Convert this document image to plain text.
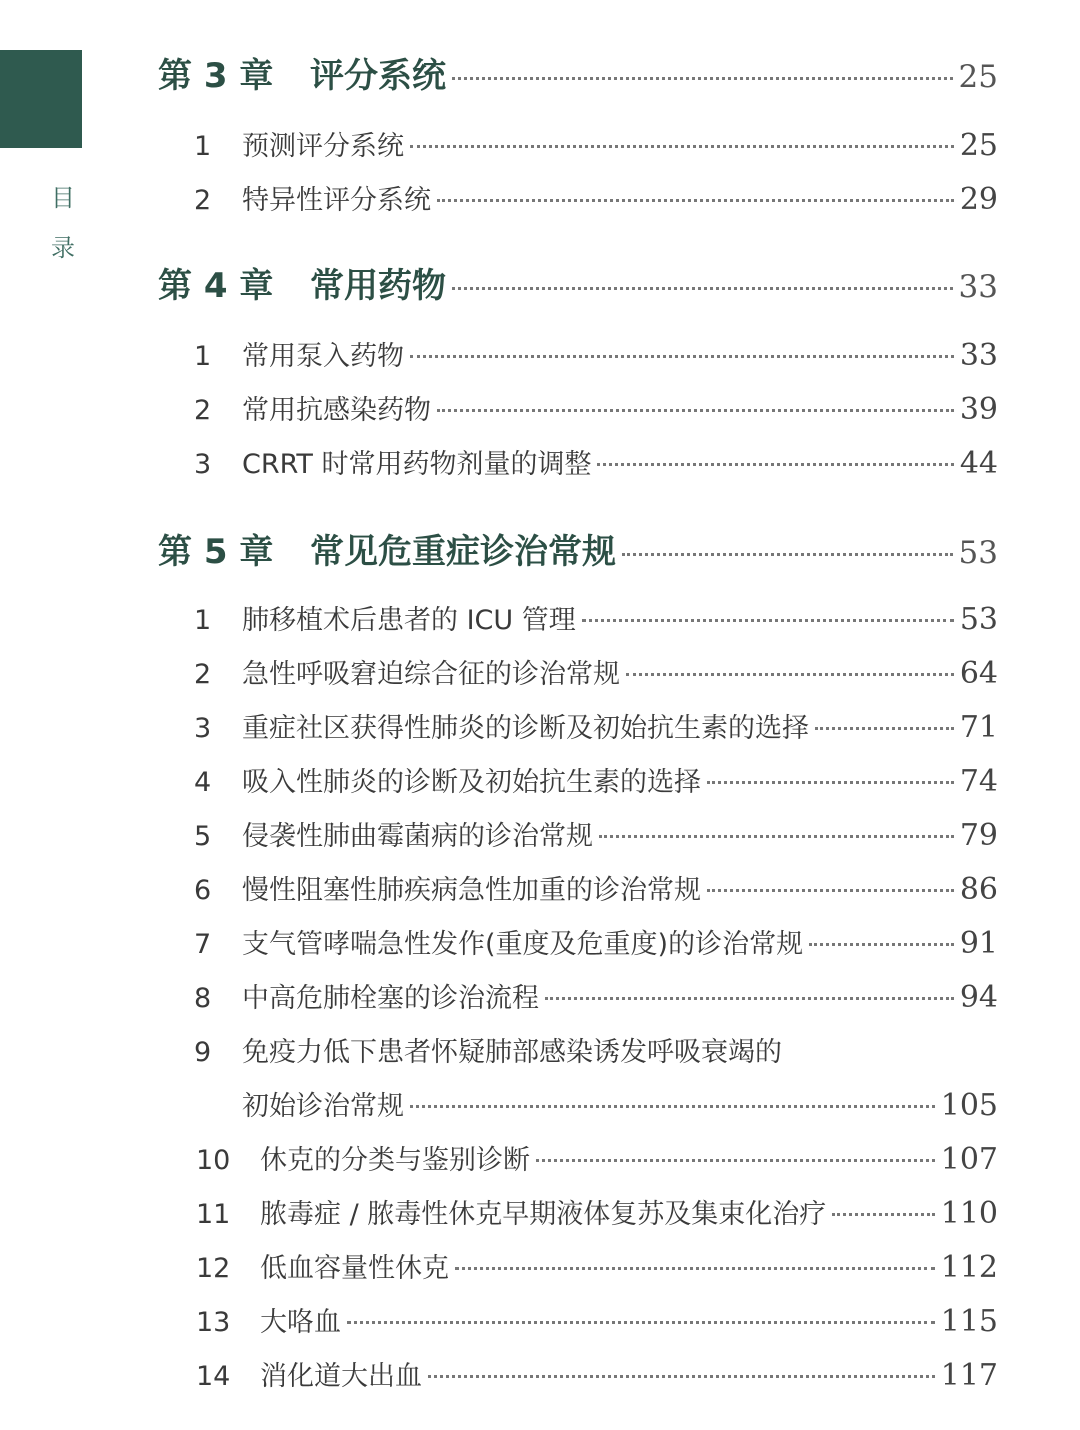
目
录
第 3 章	评分系统	25
1	预测评分系统	25
2	特异性评分系统	29
第 4 章	常用药物	33
1	常用泵入药物	33
2	常用抗感染药物	39
3	CRRT 时常用药物剂量的调整	44
第 5 章	常见危重症诊治常规	53
1	肺移植术后患者的 ICU 管理	53
2	急性呼吸窘迫综合征的诊治常规	64
3	重症社区获得性肺炎的诊断及初始抗生素的选择	71
4	吸入性肺炎的诊断及初始抗生素的选择	74
5	侵袭性肺曲霉菌病的诊治常规	79
6	慢性阻塞性肺疾病急性加重的诊治常规	86
7	支气管哮喘急性发作(重度及危重度)的诊治常规	91
8	中高危肺栓塞的诊治流程	94
9	免疫力低下患者怀疑肺部感染诱发呼吸衰竭的
初始诊治常规	105
10	休克的分类与鉴别诊断	107
11	脓毒症 / 脓毒性休克早期液体复苏及集束化治疗	110
12	低血容量性休克	112
13	大咯血	115
14	消化道大出血	117
